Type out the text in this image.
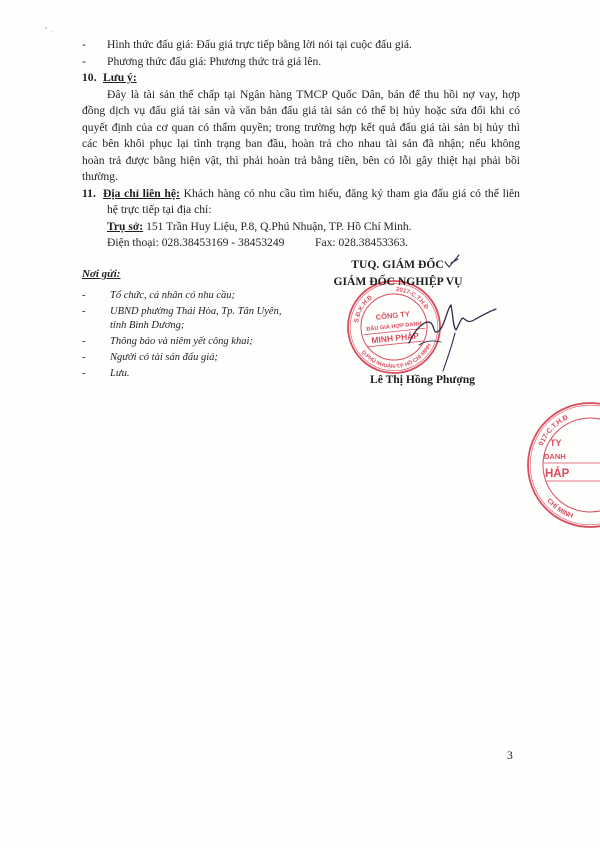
- Hình thức đấu giá: Đấu giá trực tiếp bằng lời nói tại cuộc đấu giá.
- Phương thức đấu giá: Phương thức trả giá lên.
10. Lưu ý:
Đây là tài sản thế chấp tại Ngân hàng TMCP Quốc Dân, bán để thu hồi nợ vay, hợp
đồng dịch vụ đấu giá tài sản và văn bản đấu giá tài sản có thể bị hủy hoặc sửa đổi khi có
quyết định của cơ quan có thẩm quyền; trong trường hợp kết quả đấu giá tài sản bị hủy thì
các bên khôi phục lại tình trạng ban đầu, hoàn trả cho nhau tài sản đã nhận; nếu không
hoàn trả được bằng hiện vật, thì phải hoàn trả bằng tiền, bên có lỗi gây thiệt hại phải bồi
thường.
11. Địa chỉ liên hệ: Khách hàng có nhu cầu tìm hiểu, đăng ký tham gia đấu giá có thể liên
hệ trực tiếp tại địa chỉ:
Trụ sở: 151 Trần Huy Liệu, P.8, Q.Phú Nhuận, TP. Hồ Chí Minh.
Điện thoại: 028.38453169 - 38453249	Fax: 028.38453363.
Nơi gửi:
- Tổ chức, cá nhân có nhu cầu;
- UBND phường Thái Hòa, Tp. Tân Uyên, tỉnh Bình Dương;
- Thông báo và niêm yết công khai;
- Người có tài sản đấu giá;
- Lưu.
TUQ. GIÁM ĐỐC
GIÁM ĐỐC NGHIỆP VỤ
S.Đ.K.H.Đ
2017-C.T.H.Đ
Q.PHÚ NHUẬN-T.P HỒ CHÍ MINH
CÔNG TY
ĐẤU GIÁ HỢP DANH
MINH PHÁP
Lê Thị Hồng Phượng
017-C.T.H.Đ
CHÍ MINH
TY
DANH
HÁP
3
